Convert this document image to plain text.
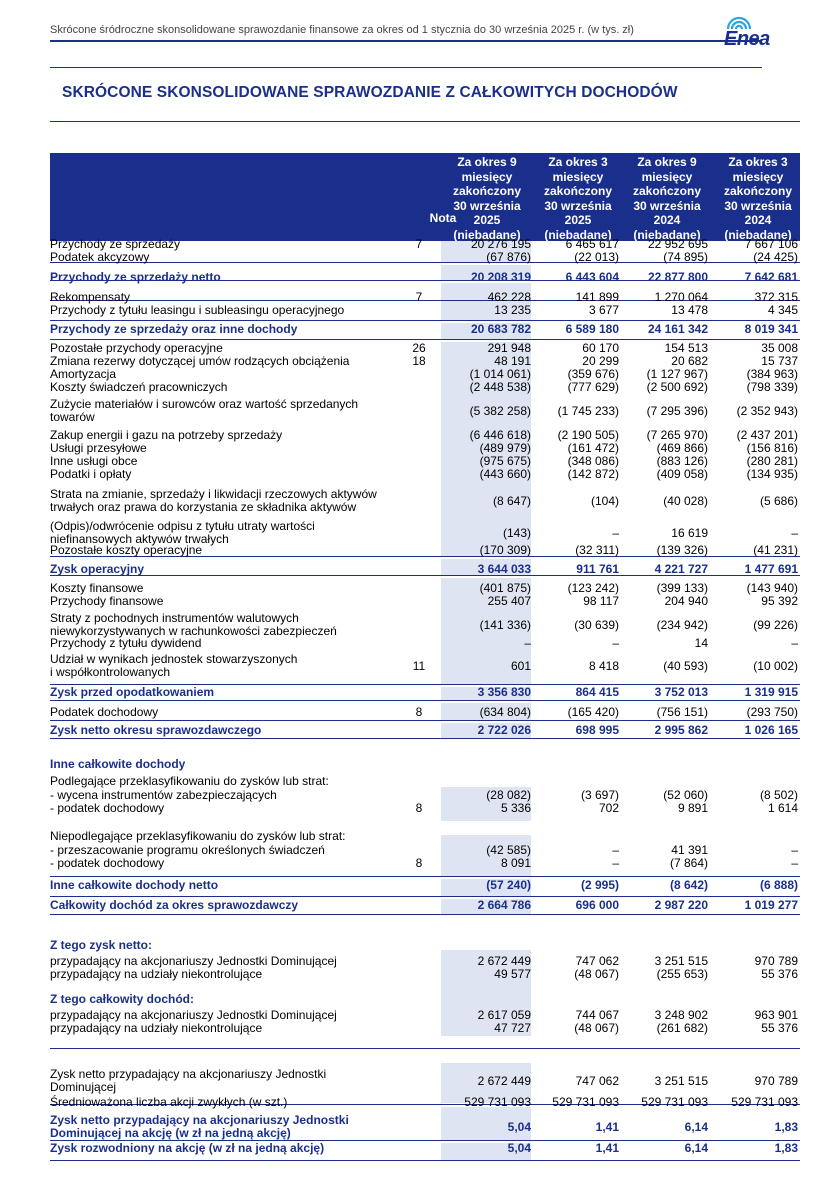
Skrócone śródroczne skonsolidowane sprawozdanie finansowe za okres od 1 stycznia do 30 września 2025 r. (w tys. zł)	Enea
SKRÓCONE SKONSOLIDOWANE SPRAWOZDANIE Z CAŁKOWITYCH DOCHODÓW
Nota
Za okres 9
miesięcy
zakończony
30 września
2025
(niebadane)
Za okres 3
miesięcy
zakończony
30 września
2025
(niebadane)
Za okres 9
miesięcy
zakończony
30 września
2024
(niebadane)
Za okres 3
miesięcy
zakończony
30 września
2024
(niebadane)
Przychody ze sprzedaży	7	20 276 195	6 465 617	22 952 695	7 667 106
Podatek akcyzowy	(67 876)	(22 013)	(74 895)	(24 425)
Przychody ze sprzedaży netto	20 208 319	6 443 604	22 877 800	7 642 681
Rekompensaty	7	462 228	141 899	1 270 064	372 315
Przychody z tytułu leasingu i subleasingu operacyjnego	13 235	3 677	13 478	4 345
Przychody ze sprzedaży oraz inne dochody	20 683 782	6 589 180	24 161 342	8 019 341
Pozostałe przychody operacyjne	26	291 948	60 170	154 513	35 008
Zmiana rezerwy dotyczącej umów rodzących obciążenia	18	48 191	20 299	20 682	15 737
Amortyzacja	(1 014 061)	(359 676)	(1 127 967)	(384 963)
Koszty świadczeń pracowniczych	(2 448 538)	(777 629)	(2 500 692)	(798 339)
Zużycie materiałów i surowców oraz wartość sprzedanych
towarów	(5 382 258)	(1 745 233)	(7 295 396)	(2 352 943)
Zakup energii i gazu na potrzeby sprzedaży	(6 446 618)	(2 190 505)	(7 265 970)	(2 437 201)
Usługi przesyłowe	(489 979)	(161 472)	(469 866)	(156 816)
Inne usługi obce	(975 675)	(348 086)	(883 126)	(280 281)
Podatki i opłaty	(443 660)	(142 872)	(409 058)	(134 935)
Strata na zmianie, sprzedaży i likwidacji rzeczowych aktywów
trwałych oraz prawa do korzystania ze składnika aktywów	(8 647)	(104)	(40 028)	(5 686)
(Odpis)/odwrócenie odpisu z tytułu utraty wartości
niefinansowych aktywów trwałych	(143)	–	16 619	–
Pozostałe koszty operacyjne	(170 309)	(32 311)	(139 326)	(41 231)
Zysk operacyjny	3 644 033	911 761	4 221 727	1 477 691
Koszty finansowe	(401 875)	(123 242)	(399 133)	(143 940)
Przychody finansowe	255 407	98 117	204 940	95 392
Straty z pochodnych instrumentów walutowych
niewykorzystywanych w rachunkowości zabezpieczeń	(141 336)	(30 639)	(234 942)	(99 226)
Przychody z tytułu dywidend	–	–	14	–
Udział w wynikach jednostek stowarzyszonych
i współkontrolowanych	11	601	8 418	(40 593)	(10 002)
Zysk przed opodatkowaniem	3 356 830	864 415	3 752 013	1 319 915
Podatek dochodowy	8	(634 804)	(165 420)	(756 151)	(293 750)
Zysk netto okresu sprawozdawczego	2 722 026	698 995	2 995 862	1 026 165
Inne całkowite dochody
Podlegające przeklasyfikowaniu do zysków lub strat:
- wycena instrumentów zabezpieczających	(28 082)	(3 697)	(52 060)	(8 502)
- podatek dochodowy	8	5 336	702	9 891	1 614
Niepodlegające przeklasyfikowaniu do zysków lub strat:
- przeszacowanie programu określonych świadczeń	(42 585)	–	41 391	–
- podatek dochodowy	8	8 091	–	(7 864)	–
Inne całkowite dochody netto	(57 240)	(2 995)	(8 642)	(6 888)
Całkowity dochód za okres sprawozdawczy	2 664 786	696 000	2 987 220	1 019 277
Z tego zysk netto:
przypadający na akcjonariuszy Jednostki Dominującej	2 672 449	747 062	3 251 515	970 789
przypadający na udziały niekontrolujące	49 577	(48 067)	(255 653)	55 376
Z tego całkowity dochód:
przypadający na akcjonariuszy Jednostki Dominującej	2 617 059	744 067	3 248 902	963 901
przypadający na udziały niekontrolujące	47 727	(48 067)	(261 682)	55 376
Zysk netto przypadający na akcjonariuszy Jednostki
Dominującej	2 672 449	747 062	3 251 515	970 789
Średnioważona liczba akcji zwykłych (w szt.)	529 731 093	529 731 093	529 731 093	529 731 093
Zysk netto przypadający na akcjonariuszy Jednostki
Dominującej na akcję (w zł na jedną akcję)	5,04	1,41	6,14	1,83
Zysk rozwodniony na akcję (w zł na jedną akcję)	5,04	1,41	6,14	1,83
